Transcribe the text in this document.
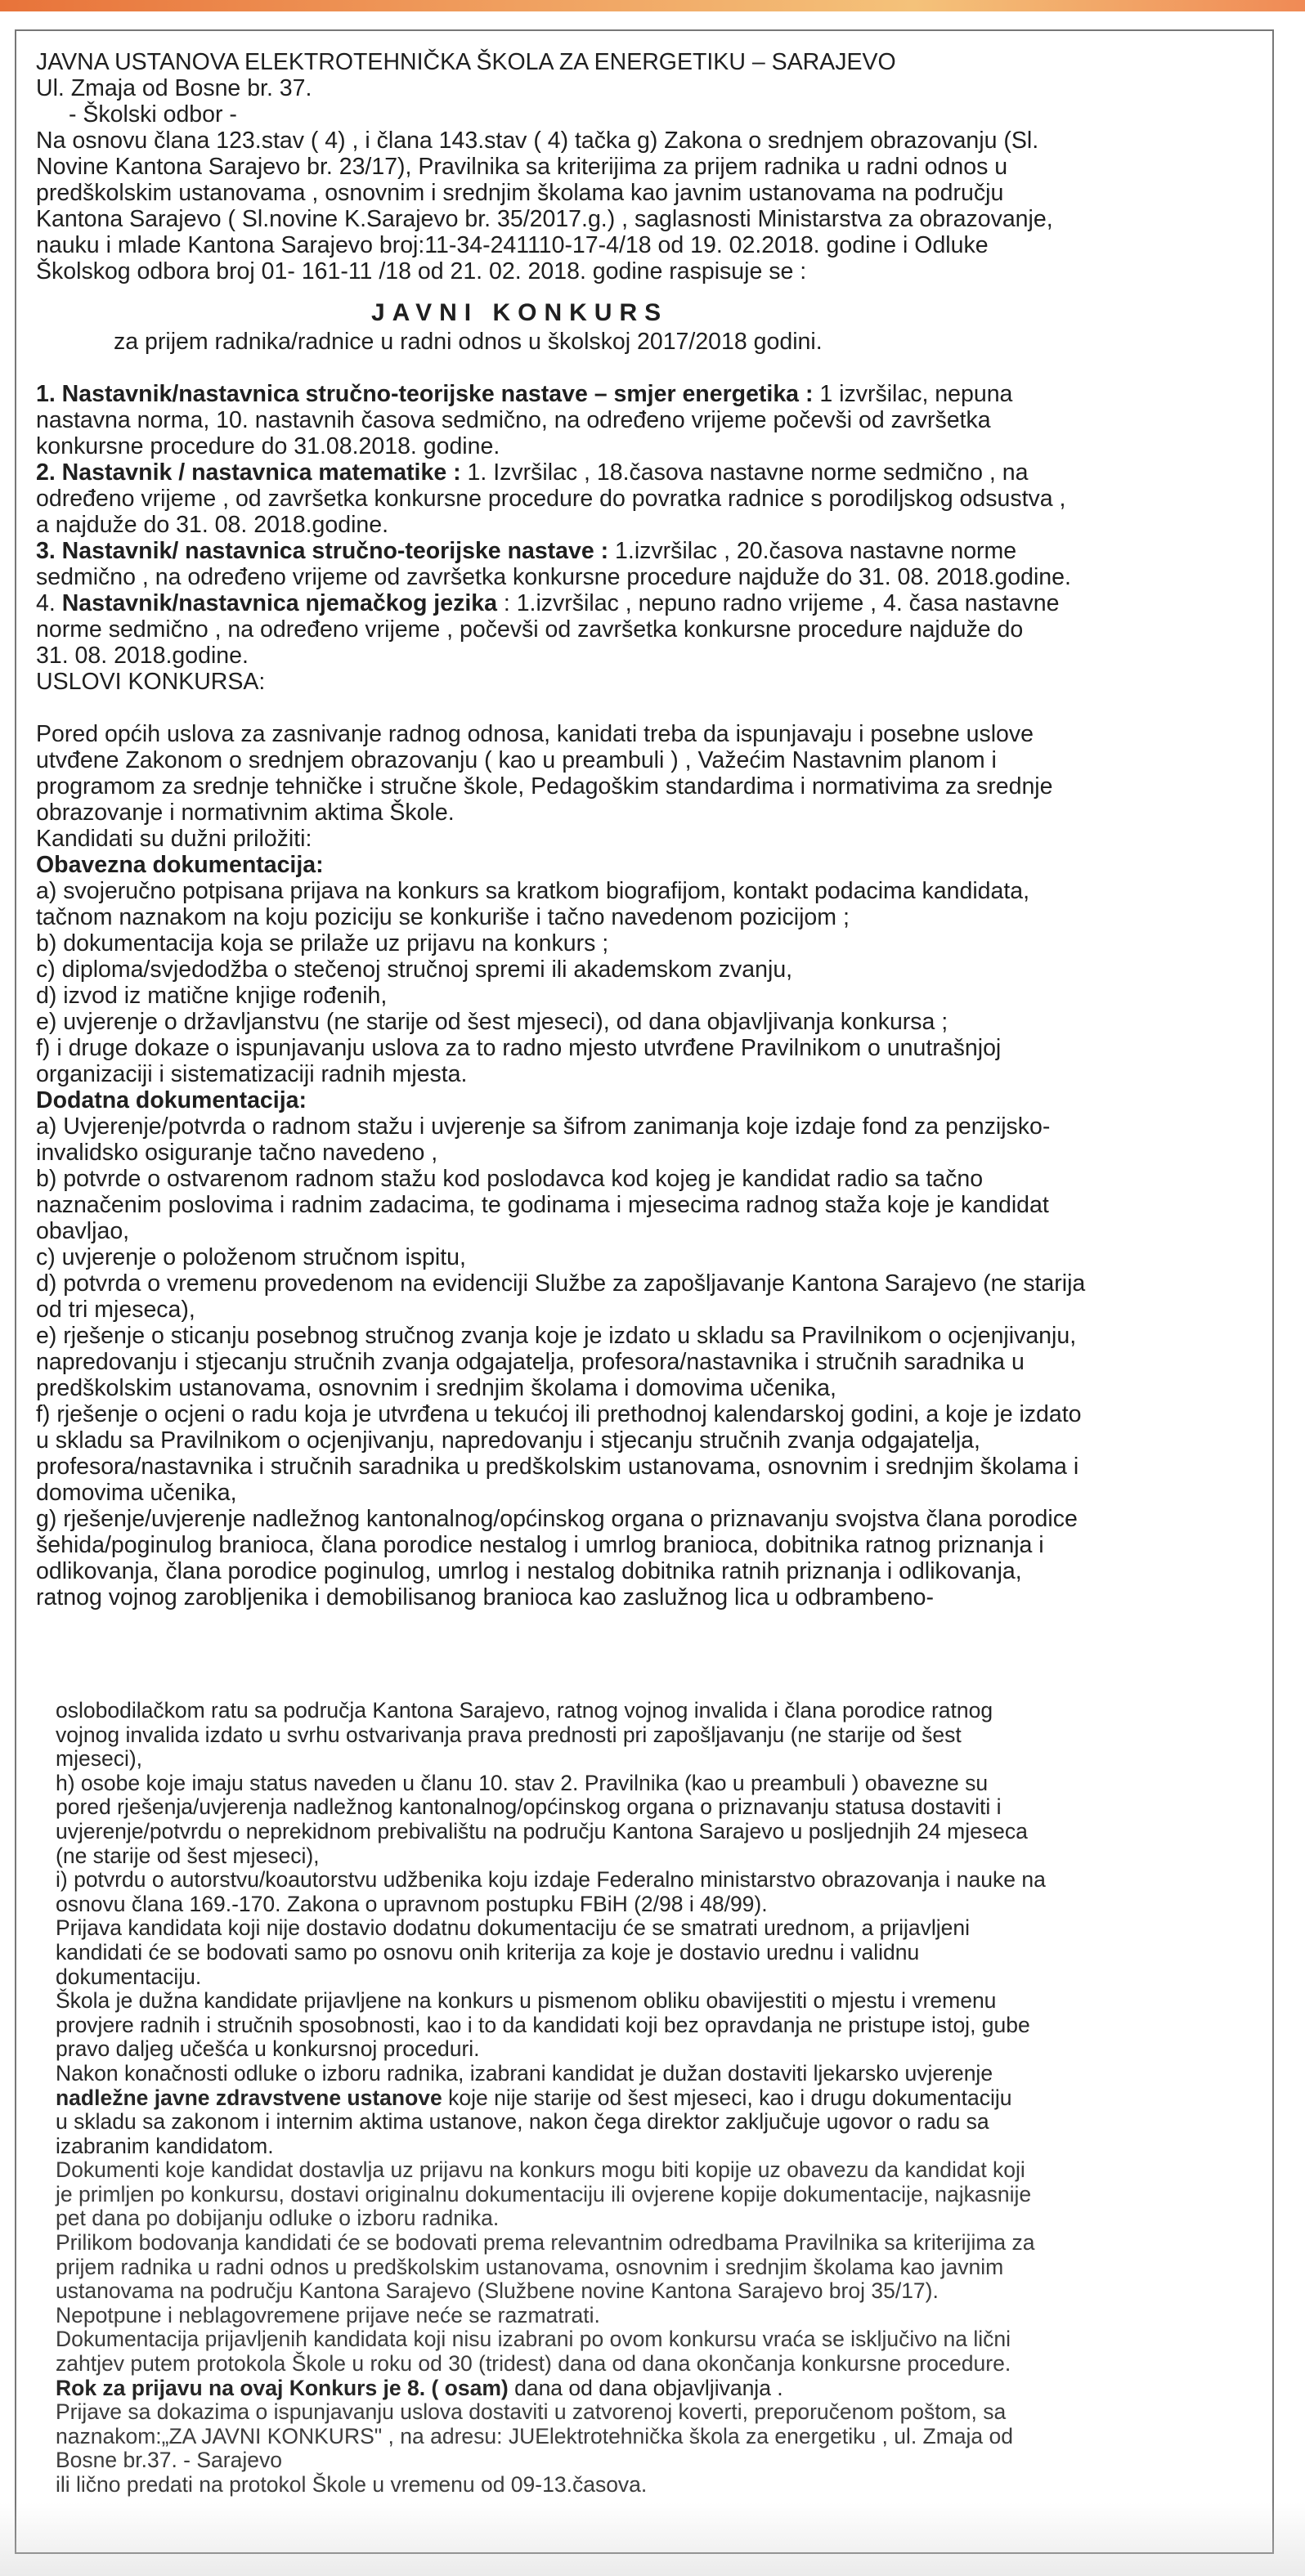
JAVNA USTANOVA ELEKTROTEHNIČKA ŠKOLA ZA ENERGETIKU – SARAJEVO

Ul. Zmaja od Bosne br. 37.

- Školski odbor -

Na osnovu člana 123.stav ( 4) , i člana 143.stav ( 4) tačka g) Zakona o srednjem obrazovanju (Sl.

Novine Kantona Sarajevo br. 23/17), Pravilnika sa kriterijima za prijem radnika u radni odnos u

predškolskim ustanovama , osnovnim i srednjim školama kao javnim ustanovama na području

Kantona Sarajevo ( Sl.novine K.Sarajevo br. 35/2017.g.) , saglasnosti Ministarstva za obrazovanje,

nauku i mlade Kantona Sarajevo broj:11-34-241110-17-4/18 od 19. 02.2018. godine i Odluke

Školskog odbora broj 01- 161-11 /18 od 21. 02. 2018. godine raspisuje se :

JAVNI KONKURS

za prijem radnika/radnice u radni odnos u školskoj 2017/2018 godini.

1. Nastavnik/nastavnica stručno-teorijske nastave – smjer energetika : 1 izvršilac, nepuna

nastavna norma, 10. nastavnih časova sedmično, na određeno vrijeme počevši od završetka

konkursne procedure do 31.08.2018. godine.

2. Nastavnik / nastavnica matematike : 1. Izvršilac , 18.časova nastavne norme sedmično , na

određeno vrijeme , od završetka konkursne procedure do povratka radnice s porodiljskog odsustva ,

a najduže do 31. 08. 2018.godine.

3. Nastavnik/ nastavnica stručno-teorijske nastave : 1.izvršilac , 20.časova nastavne norme

sedmično , na određeno vrijeme od završetka konkursne procedure najduže do 31. 08. 2018.godine.

4. Nastavnik/nastavnica njemačkog jezika : 1.izvršilac , nepuno radno vrijeme , 4. časa nastavne

norme sedmično , na određeno vrijeme , počevši od završetka konkursne procedure najduže do

31. 08. 2018.godine.

USLOVI KONKURSA:

Pored općih uslova za zasnivanje radnog odnosa, kanidati treba da ispunjavaju i posebne uslove

utvđene Zakonom o srednjem obrazovanju ( kao u preambuli ) , Važećim Nastavnim planom i

programom za srednje tehničke i stručne škole, Pedagoškim standardima i normativima za srednje

obrazovanje i normativnim aktima Škole.

Kandidati su dužni priložiti:

Obavezna dokumentacija:

a) svojeručno potpisana prijava na konkurs sa kratkom biografijom, kontakt podacima kandidata,

tačnom naznakom na koju poziciju se konkuriše i tačno navedenom pozicijom ;

b) dokumentacija koja se prilaže uz prijavu na konkurs ;

c) diploma/svjedodžba o stečenoj stručnoj spremi ili akademskom zvanju,

d) izvod iz matične knjige rođenih,

e) uvjerenje o državljanstvu (ne starije od šest mjeseci), od dana objavljivanja konkursa ;

f) i druge dokaze o ispunjavanju uslova za to radno mjesto utvrđene Pravilnikom o unutrašnjoj

organizaciji i sistematizaciji radnih mjesta.

Dodatna dokumentacija:

a) Uvjerenje/potvrda o radnom stažu i uvjerenje sa šifrom zanimanja koje izdaje fond za penzijsko-

invalidsko osiguranje tačno navedeno ,

b) potvrde o ostvarenom radnom stažu kod poslodavca kod kojeg je kandidat radio sa tačno

naznačenim poslovima i radnim zadacima, te godinama i mjesecima radnog staža koje je kandidat

obavljao,

c) uvjerenje o položenom stručnom ispitu,

d) potvrda o vremenu provedenom na evidenciji Službe za zapošljavanje Kantona Sarajevo (ne starija

od tri mjeseca),

e) rješenje o sticanju posebnog stručnog zvanja koje je izdato u skladu sa Pravilnikom o ocjenjivanju,

napredovanju i stjecanju stručnih zvanja odgajatelja, profesora/nastavnika i stručnih saradnika u

predškolskim ustanovama, osnovnim i srednjim školama i domovima učenika,

f) rješenje o ocjeni o radu koja je utvrđena u tekućoj ili prethodnoj kalendarskoj godini, a koje je izdato

u skladu sa Pravilnikom o ocjenjivanju, napredovanju i stjecanju stručnih zvanja odgajatelja,

profesora/nastavnika i stručnih saradnika u predškolskim ustanovama, osnovnim i srednjim školama i

domovima učenika,

g) rješenje/uvjerenje nadležnog kantonalnog/općinskog organa o priznavanju svojstva člana porodice

šehida/poginulog branioca, člana porodice nestalog i umrlog branioca, dobitnika ratnog priznanja i

odlikovanja, člana porodice poginulog, umrlog i nestalog dobitnika ratnih priznanja i odlikovanja,

ratnog vojnog zarobljenika i demobilisanog branioca kao zaslužnog lica u odbrambeno-

oslobodilačkom ratu sa područja Kantona Sarajevo, ratnog vojnog invalida i člana porodice ratnog

vojnog invalida izdato u svrhu ostvarivanja prava prednosti pri zapošljavanju (ne starije od šest

mjeseci),

h) osobe koje imaju status naveden u članu 10. stav 2. Pravilnika (kao u preambuli ) obavezne su

pored rješenja/uvjerenja nadležnog kantonalnog/općinskog organa o priznavanju statusa dostaviti i

uvjerenje/potvrdu o neprekidnom prebivalištu na području Kantona Sarajevo u posljednjih 24 mjeseca

(ne starije od šest mjeseci),

i) potvrdu o autorstvu/koautorstvu udžbenika koju izdaje Federalno ministarstvo obrazovanja i nauke na

osnovu člana 169.-170. Zakona o upravnom postupku FBiH (2/98 i 48/99).

Prijava kandidata koji nije dostavio dodatnu dokumentaciju će se smatrati urednom, a prijavljeni

kandidati će se bodovati samo po osnovu onih kriterija za koje je dostavio urednu i validnu

dokumentaciju.

Škola je dužna kandidate prijavljene na konkurs u pismenom obliku obavijestiti o mjestu i vremenu

provjere radnih i stručnih sposobnosti, kao i to da kandidati koji bez opravdanja ne pristupe istoj, gube

pravo daljeg učešća u konkursnoj proceduri.

Nakon konačnosti odluke o izboru radnika, izabrani kandidat je dužan dostaviti ljekarsko uvjerenje

nadležne javne zdravstvene ustanove koje nije starije od šest mjeseci, kao i drugu dokumentaciju

u skladu sa zakonom i internim aktima ustanove, nakon čega direktor zaključuje ugovor o radu sa

izabranim kandidatom.

Dokumenti koje kandidat dostavlja uz prijavu na konkurs mogu biti kopije uz obavezu da kandidat koji

je primljen po konkursu, dostavi originalnu dokumentaciju ili ovjerene kopije dokumentacije, najkasnije

pet dana po dobijanju odluke o izboru radnika.

Prilikom bodovanja kandidati će se bodovati prema relevantnim odredbama Pravilnika sa kriterijima za

prijem radnika u radni odnos u predškolskim ustanovama, osnovnim i srednjim školama kao javnim

ustanovama na području Kantona Sarajevo (Službene novine Kantona Sarajevo broj 35/17).

Nepotpune i neblagovremene prijave neće se razmatrati.

Dokumentacija prijavljenih kandidata koji nisu izabrani po ovom konkursu vraća se isključivo na lični

zahtjev putem protokola Škole u roku od 30 (tridest) dana od dana okončanja konkursne procedure.

Rok za prijavu na ovaj Konkurs je 8. ( osam) dana od dana objavljivanja .

Prijave sa dokazima o ispunjavanju uslova dostaviti u zatvorenoj koverti, preporučenom poštom, sa

naznakom:„ZA JAVNI KONKURS" , na adresu: JUElektrotehnička škola za energetiku , ul. Zmaja od

Bosne br.37. - Sarajevo

ili lično predati na protokol Škole u vremenu od 09-13.časova.
